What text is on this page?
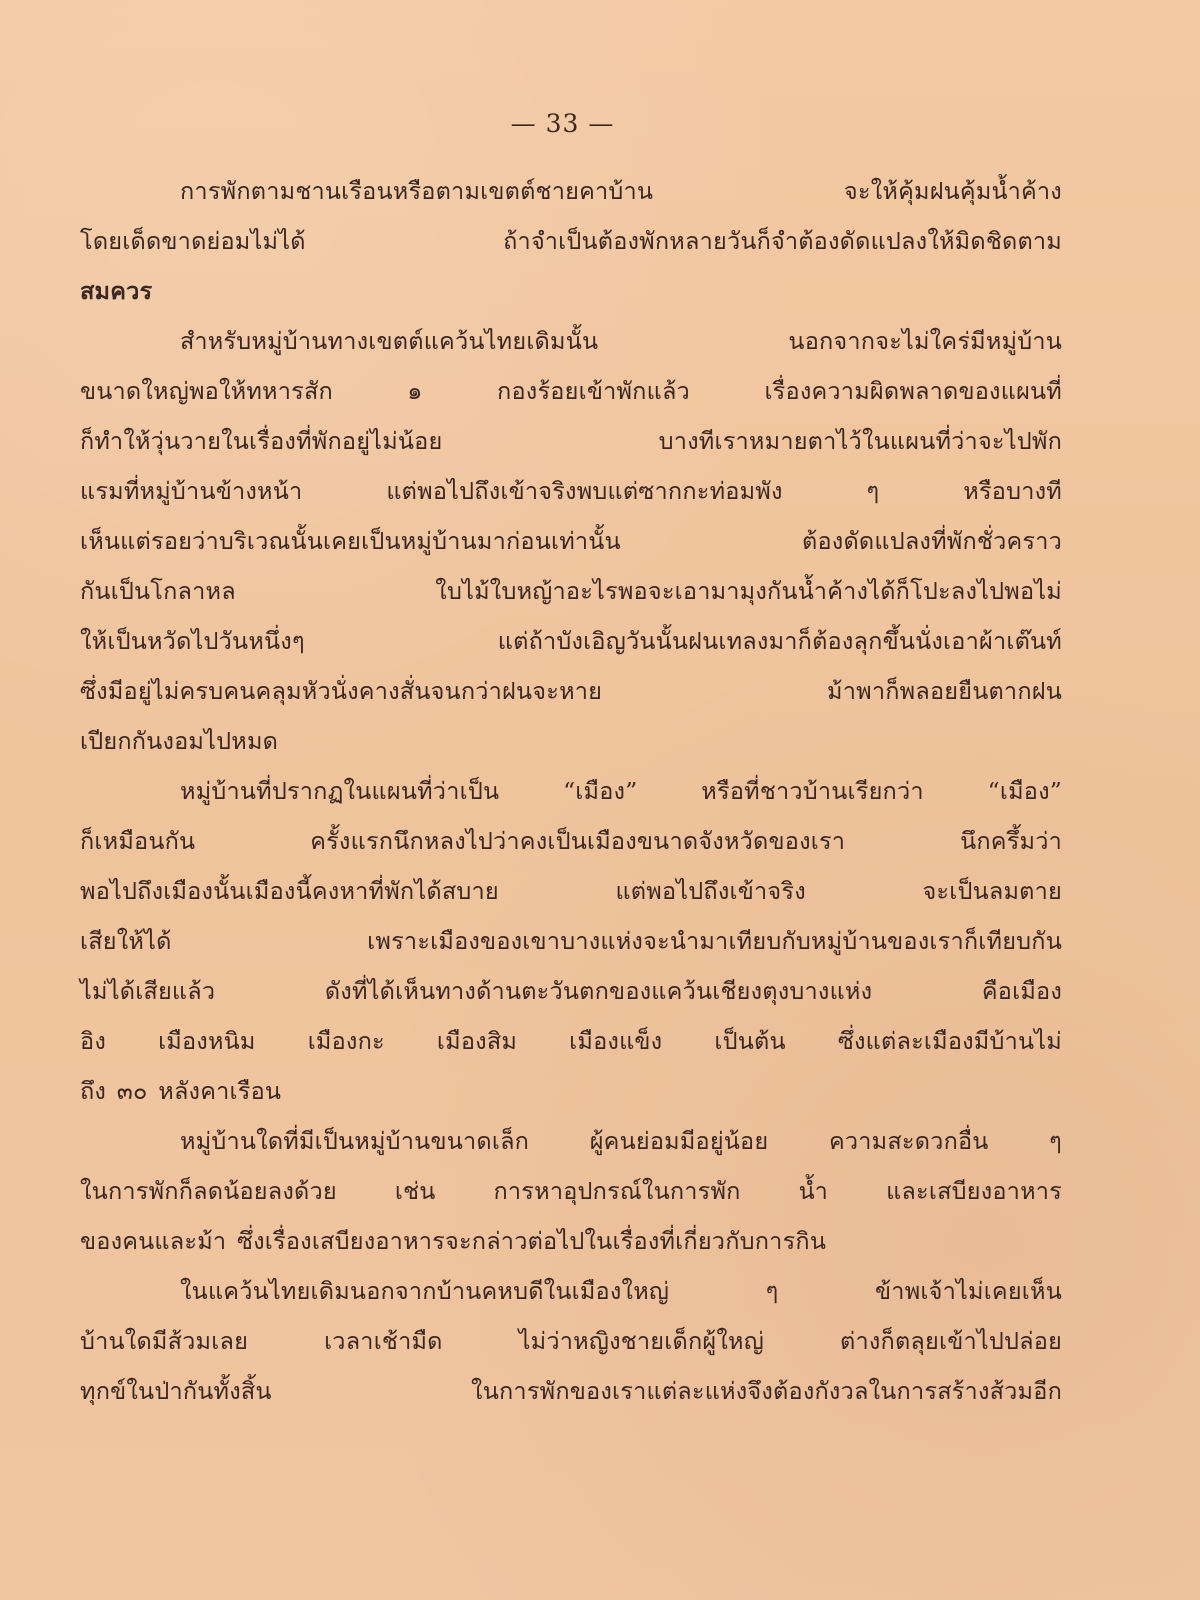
— 33 —
การพักตามชานเรือนหรือตามเขตต์ชายคาบ้าน จะให้คุ้มฝนคุ้มน้ำค้าง
โดยเด็ดขาดย่อมไม่ได้ ถ้าจำเป็นต้องพักหลายวันก็จำต้องดัดแปลงให้มิดชิดตาม
สมควร
สำหรับหมู่บ้านทางเขตต์แคว้นไทยเดิมนั้น นอกจากจะไม่ใคร่มีหมู่บ้าน
ขนาดใหญ่พอให้ทหารสัก ๑ กองร้อยเข้าพักแล้ว เรื่องความผิดพลาดของแผนที่
ก็ทำให้วุ่นวายในเรื่องที่พักอยู่ไม่น้อย บางทีเราหมายตาไว้ในแผนที่ว่าจะไปพัก
แรมที่หมู่บ้านข้างหน้า แต่พอไปถึงเข้าจริงพบแต่ซากกะท่อมพัง ๆ หรือบางที
เห็นแต่รอยว่าบริเวณนั้นเคยเป็นหมู่บ้านมาก่อนเท่านั้น ต้องดัดแปลงที่พักชั่วคราว
กันเป็นโกลาหล ใบไม้ใบหญ้าอะไรพอจะเอามามุงกันน้ำค้างได้ก็โปะลงไปพอไม่
ให้เป็นหวัดไปวันหนึ่งๆ แต่ถ้าบังเอิญวันนั้นฝนเทลงมาก็ต้องลุกขึ้นนั่งเอาผ้าเต๊นท์
ซึ่งมีอยู่ไม่ครบคนคลุมหัวนั่งคางสั่นจนกว่าฝนจะหาย ม้าพาก็พลอยยืนตากฝน
เปียกกันงอมไปหมด
หมู่บ้านที่ปรากฏในแผนที่ว่าเป็น “เมือง” หรือที่ชาวบ้านเรียกว่า “เมือง”
ก็เหมือนกัน ครั้งแรกนึกหลงไปว่าคงเป็นเมืองขนาดจังหวัดของเรา นึกครึ้มว่า
พอไปถึงเมืองนั้นเมืองนี้คงหาที่พักได้สบาย แต่พอไปถึงเข้าจริง จะเป็นลมตาย
เสียให้ได้ เพราะเมืองของเขาบางแห่งจะนำมาเทียบกับหมู่บ้านของเราก็เทียบกัน
ไม่ได้เสียแล้ว ดังที่ได้เห็นทางด้านตะวันตกของแคว้นเชียงตุงบางแห่ง คือเมือง
อิง เมืองหนิม เมืองกะ เมืองสิม เมืองแข็ง เป็นต้น ซึ่งแต่ละเมืองมีบ้านไม่
ถึง ๓๐ หลังคาเรือน
หมู่บ้านใดที่มีเป็นหมู่บ้านขนาดเล็ก ผู้คนย่อมมีอยู่น้อย ความสะดวกอื่น ๆ
ในการพักก็ลดน้อยลงด้วย เช่น การหาอุปกรณ์ในการพัก น้ำ และเสบียงอาหาร
ของคนและม้า ซึ่งเรื่องเสบียงอาหารจะกล่าวต่อไปในเรื่องที่เกี่ยวกับการกิน
ในแคว้นไทยเดิมนอกจากบ้านคหบดีในเมืองใหญ่ ๆ ข้าพเจ้าไม่เคยเห็น
บ้านใดมีส้วมเลย เวลาเช้ามืด ไม่ว่าหญิงชายเด็กผู้ใหญ่ ต่างก็ตลุยเข้าไปปล่อย
ทุกข์ในป่ากันทั้งสิ้น ในการพักของเราแต่ละแห่งจึงต้องกังวลในการสร้างส้วมอีก
